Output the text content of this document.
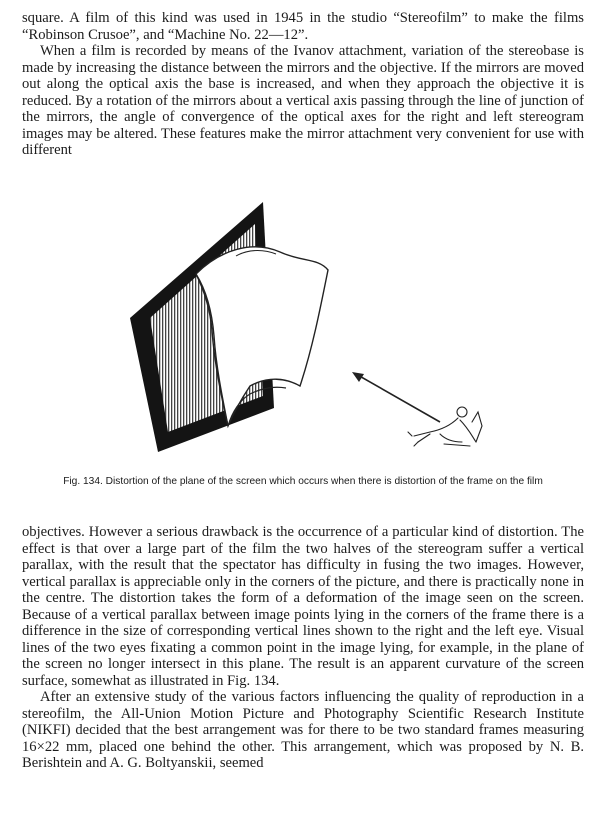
square. A film of this kind was used in 1945 in the studio “Stereofilm” to make the films “Robinson Crusoe”, and “Machine No. 22—12”.

When a film is recorded by means of the Ivanov attachment, variation of the stereobase is made by increasing the distance between the mirrors and the objective. If the mirrors are moved out along the optical axis the base is increased, and when they approach the objective it is reduced. By a rotation of the mirrors about a vertical axis passing through the line of junction of the mirrors, the angle of convergence of the optical axes for the right and left stereogram images may be altered. These features make the mirror attachment very convenient for use with different

Fig. 134. Distortion of the plane of the screen which occurs when there is distortion of the frame on the film

objectives. However a serious drawback is the occurrence of a particular kind of distortion. The effect is that over a large part of the film the two halves of the stereogram suffer a vertical parallax, with the result that the spectator has difficulty in fusing the two images. However, vertical parallax is appreciable only in the corners of the picture, and there is practically none in the centre. The distortion takes the form of a deformation of the image seen on the screen. Because of a vertical parallax between image points lying in the corners of the frame there is a difference in the size of corresponding vertical lines shown to the right and the left eye. Visual lines of the two eyes fixating a common point in the image lying, for example, in the plane of the screen no longer intersect in this plane. The result is an apparent curvature of the screen surface, somewhat as illustrated in Fig. 134.

After an extensive study of the various factors influencing the quality of reproduction in a stereofilm, the All-Union Motion Picture and Photography Scientific Research Institute (NIKFI) decided that the best arrangement was for there to be two standard frames measuring 16×22 mm, placed one behind the other. This arrangement, which was proposed by N. B. Berishtein and A. G. Boltyanskii, seemed
